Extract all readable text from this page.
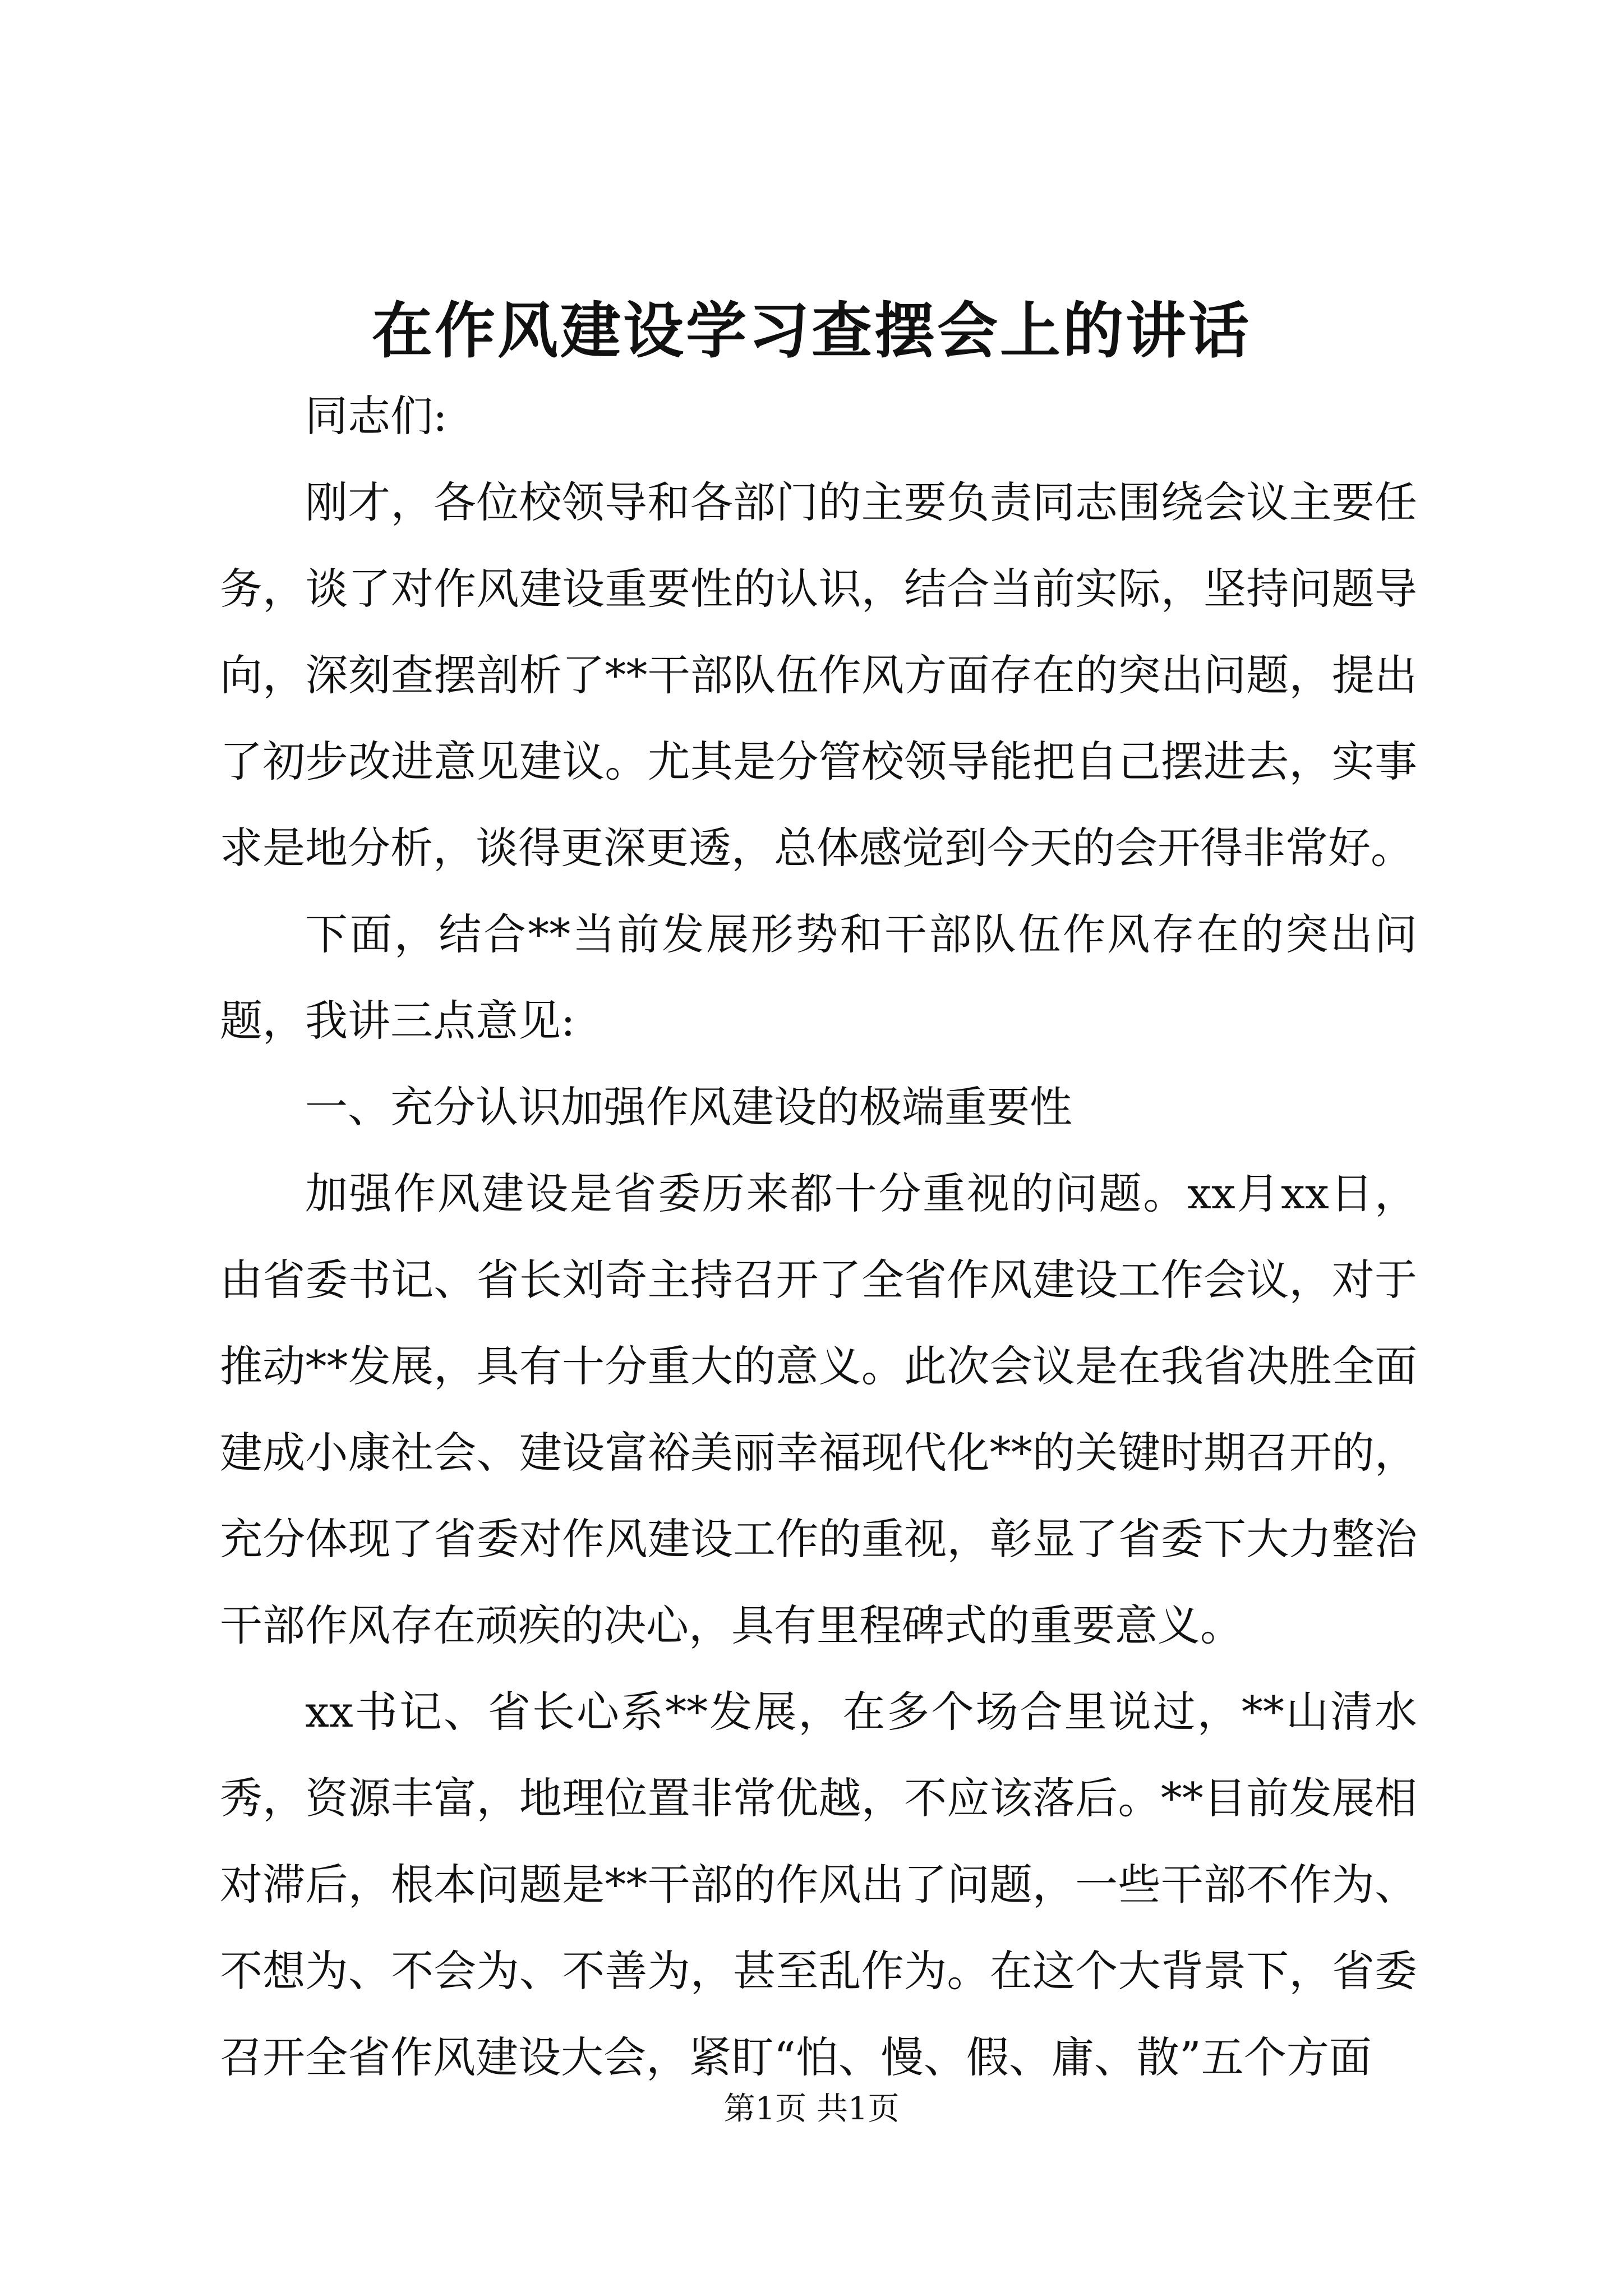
在作风建设学习查摆会上的讲话

同志们:

刚才，各位校领导和各部门的主要负责同志围绕会议主要任务，谈了对作风建设重要性的认识，结合当前实际，坚持问题导向，深刻查摆剖析了**干部队伍作风方面存在的突出问题，提出了初步改进意见建议。尤其是分管校领导能把自己摆进去，实事求是地分析，谈得更深更透，总体感觉到今天的会开得非常好。

下面，结合**当前发展形势和干部队伍作风存在的突出问题，我讲三点意见:

一、充分认识加强作风建设的极端重要性

加强作风建设是省委历来都十分重视的问题。xx月xx日，由省委书记、省长刘奇主持召开了全省作风建设工作会议，对于推动**发展，具有十分重大的意义。此次会议是在我省决胜全面建成小康社会、建设富裕美丽幸福现代化**的关键时期召开的，充分体现了省委对作风建设工作的重视，彰显了省委下大力整治干部作风存在顽疾的决心，具有里程碑式的重要意义。

xx书记、省长心系**发展，在多个场合里说过，**山清水秀，资源丰富，地理位置非常优越，不应该落后。**目前发展相对滞后，根本问题是**干部的作风出了问题，一些干部不作为、不想为、不会为、不善为，甚至乱作为。在这个大背景下，省委召开全省作风建设大会，紧盯“怕、慢、假、庸、散”五个方面

第1页 共1页
